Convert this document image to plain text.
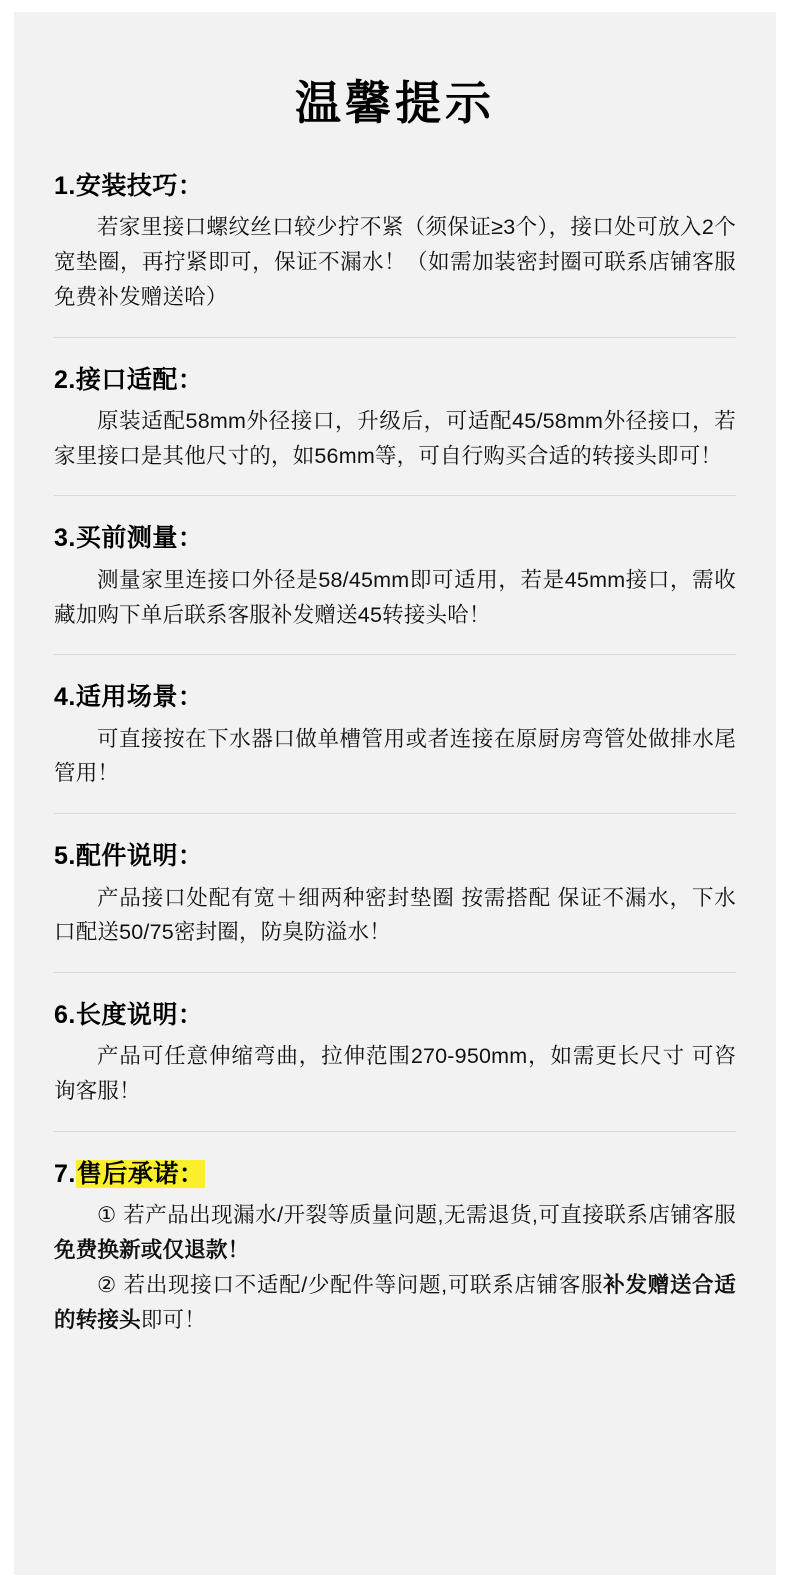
温馨提示
1.安装技巧：
若家里接口螺纹丝口较少拧不紧（须保证≥3个），接口处可放入2个宽垫圈，再拧紧即可，保证不漏水！（如需加装密封圈可联系店铺客服免费补发赠送哈）
2.接口适配：
原装适配58mm外径接口，升级后，可适配45/58mm外径接口，若家里接口是其他尺寸的，如56mm等，可自行购买合适的转接头即可！
3.买前测量：
测量家里连接口外径是58/45mm即可适用，若是45mm接口，需收藏加购下单后联系客服补发赠送45转接头哈！
4.适用场景：
可直接按在下水器口做单槽管用或者连接在原厨房弯管处做排水尾管用！
5.配件说明：
产品接口处配有宽＋细两种密封垫圈 按需搭配 保证不漏水，下水口配送50/75密封圈，防臭防溢水！
6.长度说明：
产品可任意伸缩弯曲，拉伸范围270-950mm，如需更长尺寸 可咨询客服！
7.售后承诺：

① 若产品出现漏水/开裂等质量问题,无需退货,可直接联系店铺客服免费换新或仅退款！

② 若出现接口不适配/少配件等问题,可联系店铺客服补发赠送合适的转接头即可！
